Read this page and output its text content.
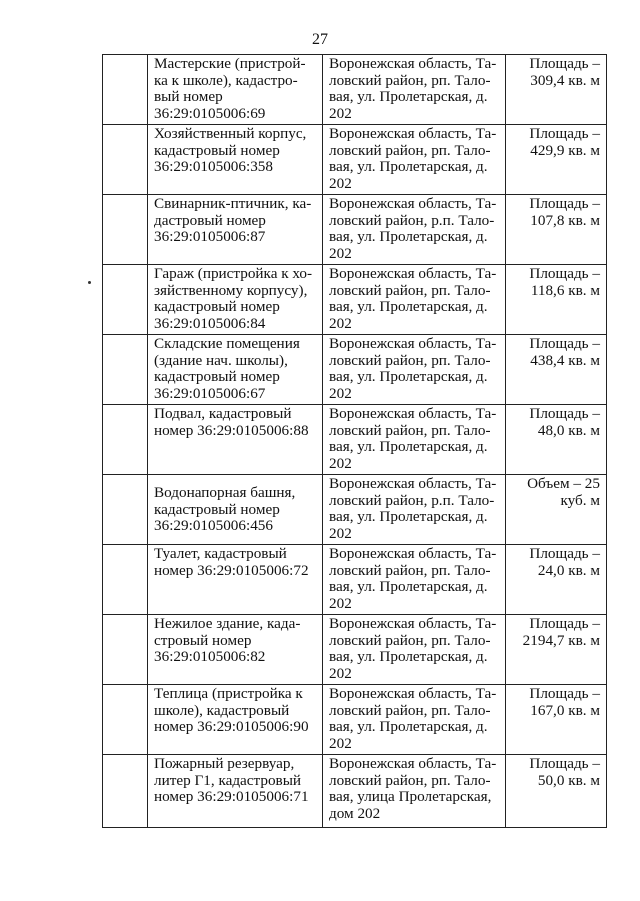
27

	Мастерские (пристрой-
ка к школе), кадастро-
вый номер
36:29:0105006:69	Воронежская область, Та-
ловский район, рп. Тало-
вая, ул. Пролетарская, д.
202	Площадь –
309,4 кв. м

	Хозяйственный корпус,
кадастровый номер
36:29:0105006:358	Воронежская область, Та-
ловский район, рп. Тало-
вая, ул. Пролетарская, д.
202	Площадь –
429,9 кв. м

	Свинарник-птичник, ка-
дастровый номер
36:29:0105006:87	Воронежская область, Та-
ловский район, р.п. Тало-
вая, ул. Пролетарская, д.
202	Площадь –
107,8 кв. м

	Гараж (пристройка к хо-
зяйственному корпусу),
кадастровый номер
36:29:0105006:84	Воронежская область, Та-
ловский район, рп. Тало-
вая, ул. Пролетарская, д.
202	Площадь –
118,6 кв. м

	Складские помещения
(здание нач. школы),
кадастровый номер
36:29:0105006:67	Воронежская область, Та-
ловский район, рп. Тало-
вая, ул. Пролетарская, д.
202	Площадь –
438,4 кв. м

	Подвал, кадастровый
номер 36:29:0105006:88	Воронежская область, Та-
ловский район, рп. Тало-
вая, ул. Пролетарская, д.
202	Площадь –
48,0 кв. м

	Водонапорная башня,
кадастровый номер
36:29:0105006:456	Воронежская область, Та-
ловский район, р.п. Тало-
вая, ул. Пролетарская, д.
202	Объем – 25
куб. м

	Туалет, кадастровый
номер 36:29:0105006:72	Воронежская область, Та-
ловский район, рп. Тало-
вая, ул. Пролетарская, д.
202	Площадь –
24,0 кв. м

	Нежилое здание, када-
стровый номер
36:29:0105006:82	Воронежская область, Та-
ловский район, рп. Тало-
вая, ул. Пролетарская, д.
202	Площадь –
2194,7 кв. м

	Теплица (пристройка к
школе), кадастровый
номер 36:29:0105006:90	Воронежская область, Та-
ловский район, рп. Тало-
вая, ул. Пролетарская, д.
202	Площадь –
167,0 кв. м

	Пожарный резервуар,
литер Г1, кадастровый
номер 36:29:0105006:71	Воронежская область, Та-
ловский район, рп. Тало-
вая, улица Пролетарская,
дом 202	Площадь –
50,0 кв. м
